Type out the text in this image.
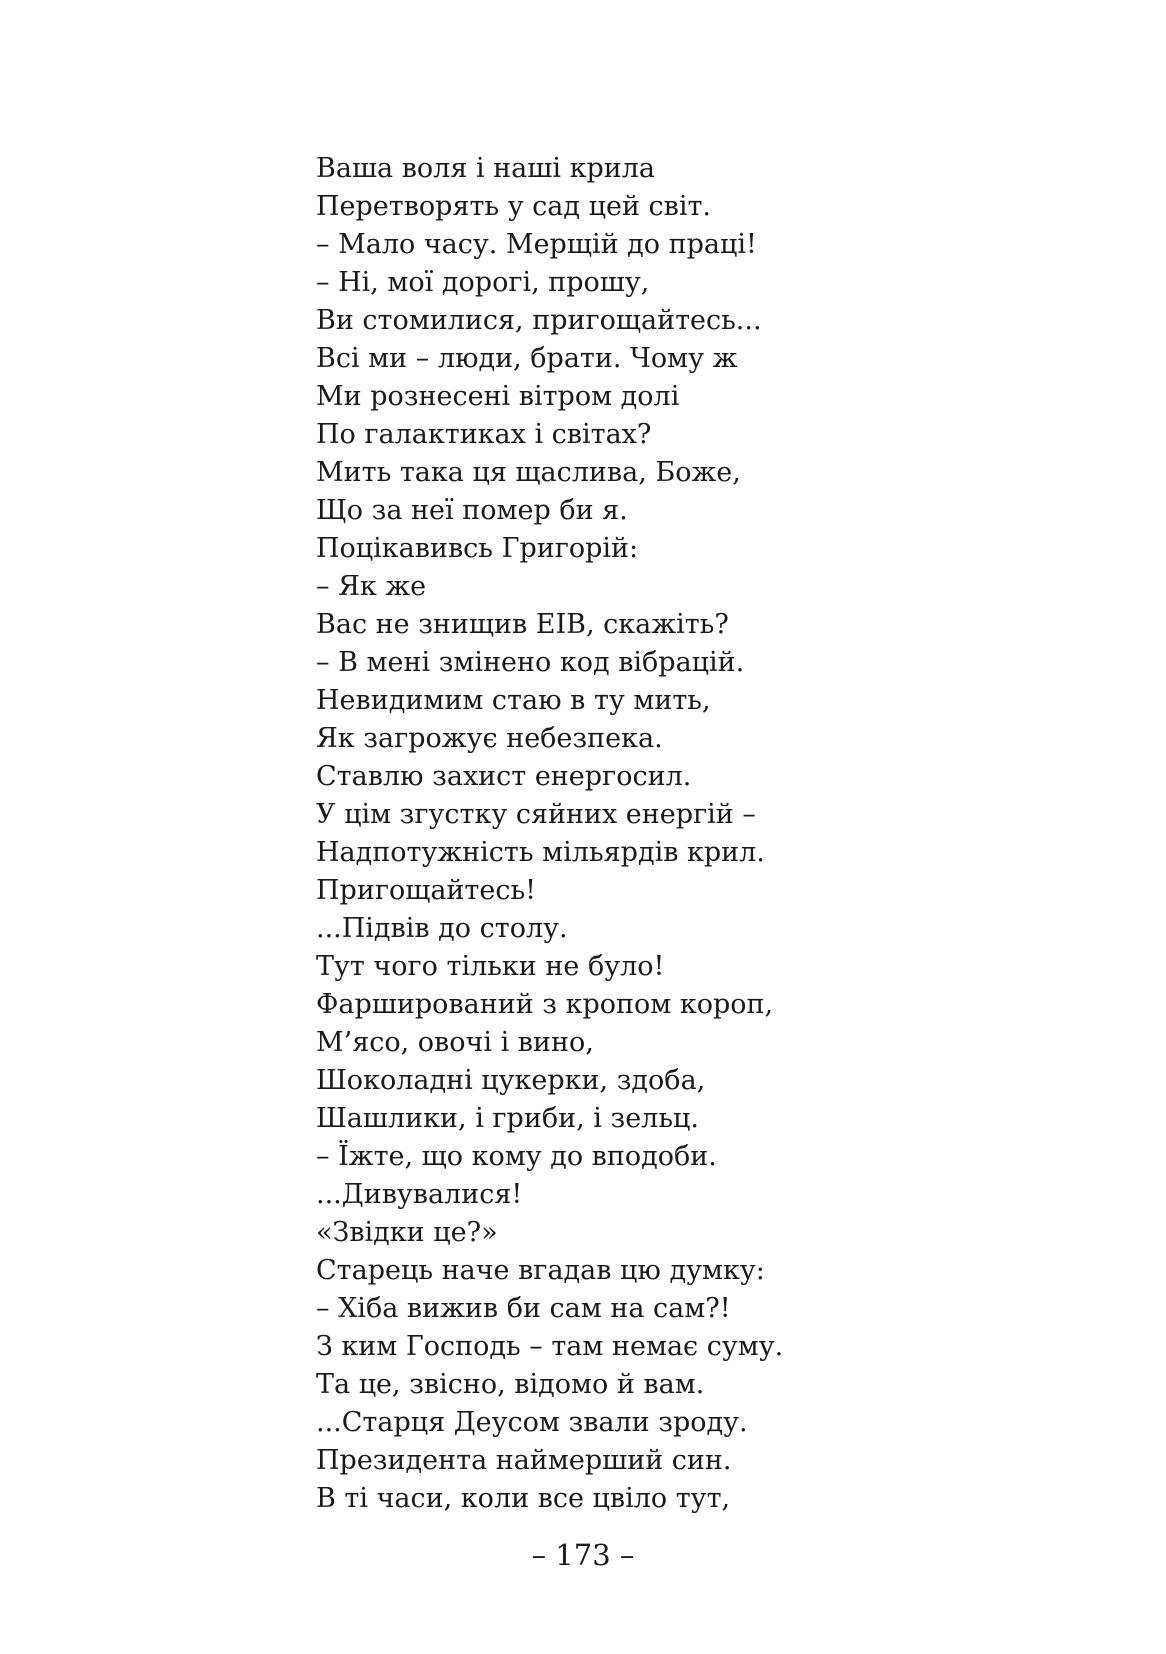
Ваша воля і наші крила
Перетворять у сад цей світ.
– Мало часу. Мерщій до праці!
– Ні, мої дорогі, прошу,
Ви стомилися, пригощайтесь...
Всі ми – люди, брати. Чому ж
Ми рознесені вітром долі
По галактиках і світах?
Мить така ця щаслива, Боже,
Що за неї помер би я.
Поцікавивсь Григорій:
– Як же
Вас не знищив ЕІВ, скажіть?
– В мені змінено код вібрацій.
Невидимим стаю в ту мить,
Як загрожує небезпека.
Ставлю захист енергосил.
У цім згустку сяйних енергій –
Надпотужність мільярдів крил.
Пригощайтесь!
...Підвів до столу.
Тут чого тільки не було!
Фарширований з кропом короп,
М’ясо, овочі і вино,
Шоколадні цукерки, здоба,
Шашлики, і гриби, і зельц.
– Їжте, що кому до вподоби.
...Дивувалися!
«Звідки це?»
Старець наче вгадав цю думку:
– Хіба вижив би сам на сам?!
З ким Господь – там немає суму.
Та це, звісно, відомо й вам.
...Старця Деусом звали зроду.
Президента наймерший син.
В ті часи, коли все цвіло тут,
– 173 –
